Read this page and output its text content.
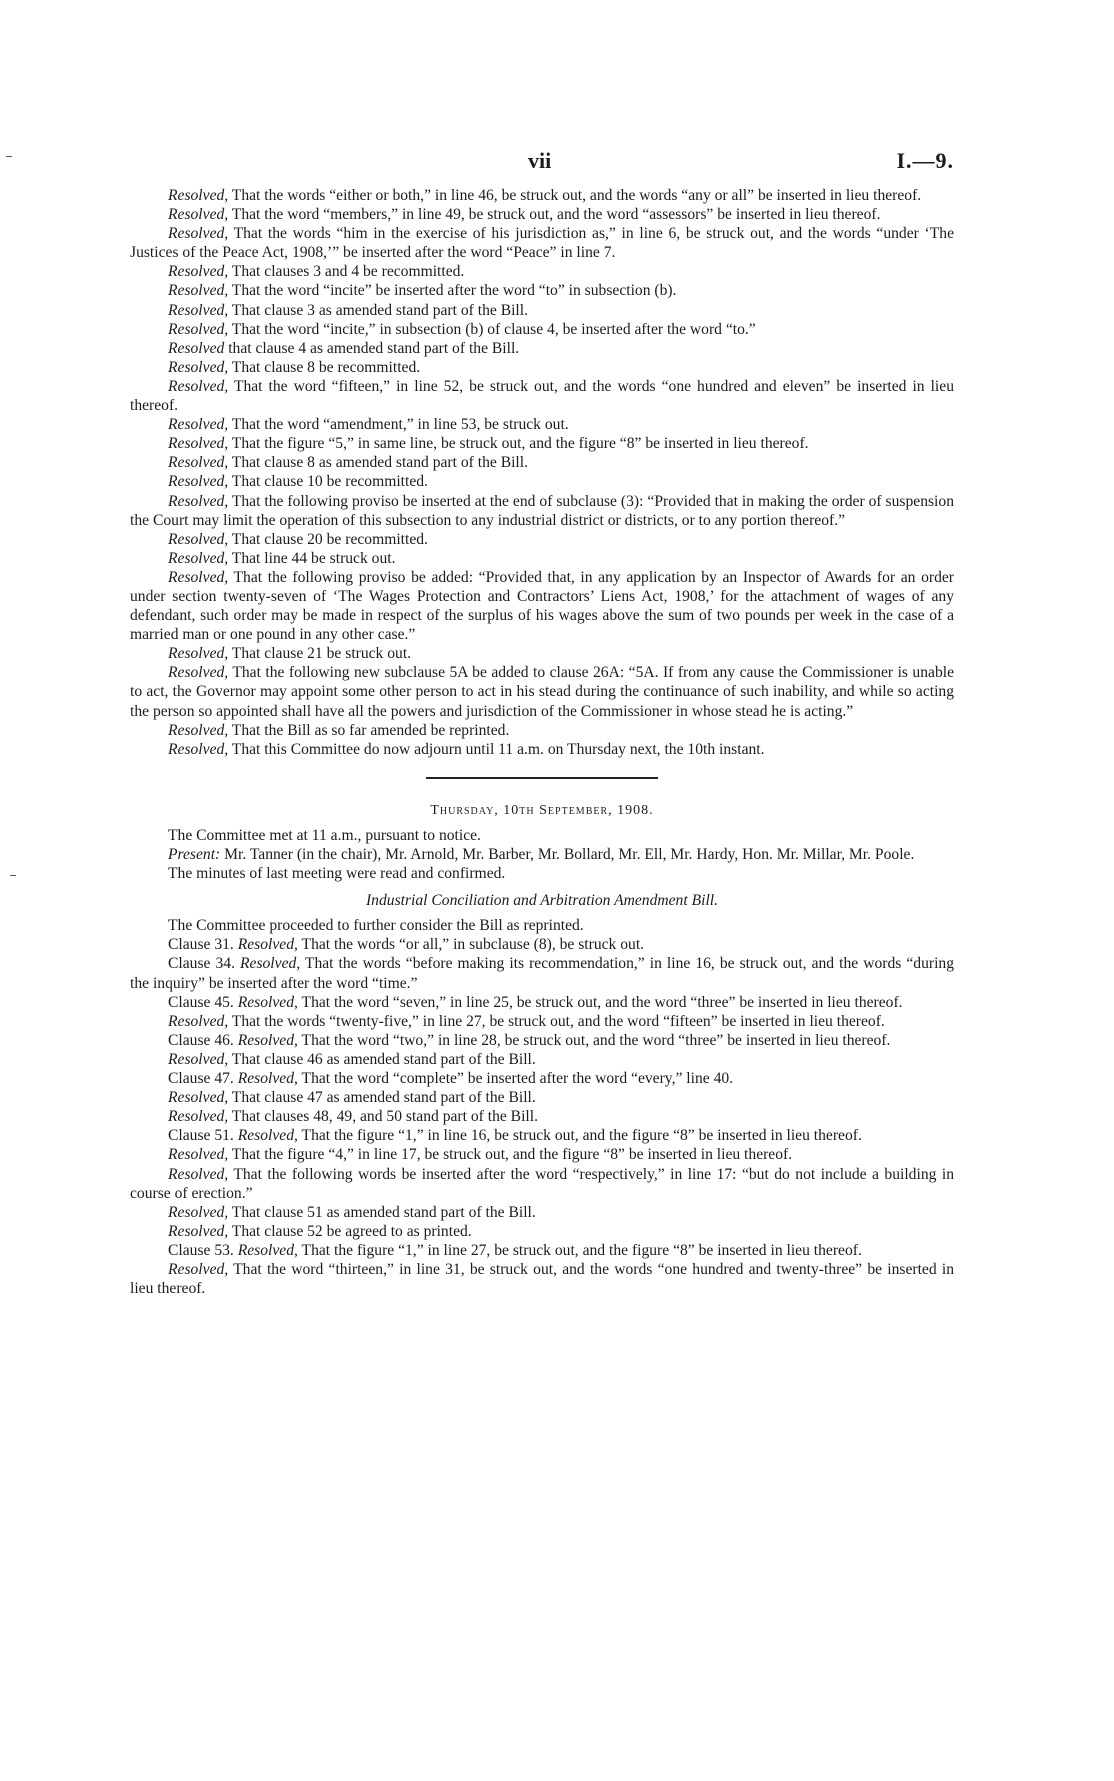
vii	I.—9.

Resolved, That the words “either or both,” in line 46, be struck out, and the words “any or all” be inserted in lieu thereof.

Resolved, That the word “members,” in line 49, be struck out, and the word “assessors” be inserted in lieu thereof.

Resolved, That the words “him in the exercise of his jurisdiction as,” in line 6, be struck out, and the words “under ‘The Justices of the Peace Act, 1908,’” be inserted after the word “Peace” in line 7.

Resolved, That clauses 3 and 4 be recommitted.

Resolved, That the word “incite” be inserted after the word “to” in subsection (b).

Resolved, That clause 3 as amended stand part of the Bill.

Resolved, That the word “incite,” in subsection (b) of clause 4, be inserted after the word “to.”

Resolved that clause 4 as amended stand part of the Bill.

Resolved, That clause 8 be recommitted.

Resolved, That the word “fifteen,” in line 52, be struck out, and the words “one hundred and eleven” be inserted in lieu thereof.

Resolved, That the word “amendment,” in line 53, be struck out.

Resolved, That the figure “5,” in same line, be struck out, and the figure “8” be inserted in lieu thereof.

Resolved, That clause 8 as amended stand part of the Bill.

Resolved, That clause 10 be recommitted.

Resolved, That the following proviso be inserted at the end of subclause (3): “Provided that in making the order of suspension the Court may limit the operation of this subsection to any industrial district or districts, or to any portion thereof.”

Resolved, That clause 20 be recommitted.

Resolved, That line 44 be struck out.

Resolved, That the following proviso be added: “Provided that, in any application by an Inspector of Awards for an order under section twenty-seven of ‘The Wages Protection and Contractors’ Liens Act, 1908,’ for the attachment of wages of any defendant, such order may be made in respect of the surplus of his wages above the sum of two pounds per week in the case of a married man or one pound in any other case.”

Resolved, That clause 21 be struck out.

Resolved, That the following new subclause 5A be added to clause 26A: “5A. If from any cause the Commissioner is unable to act, the Governor may appoint some other person to act in his stead during the continuance of such inability, and while so acting the person so appointed shall have all the powers and jurisdiction of the Commissioner in whose stead he is acting.”

Resolved, That the Bill as so far amended be reprinted.

Resolved, That this Committee do now adjourn until 11 a.m. on Thursday next, the 10th instant.

Thursday, 10th September, 1908.

The Committee met at 11 a.m., pursuant to notice.

Present: Mr. Tanner (in the chair), Mr. Arnold, Mr. Barber, Mr. Bollard, Mr. Ell, Mr. Hardy, Hon. Mr. Millar, Mr. Poole.

The minutes of last meeting were read and confirmed.

Industrial Conciliation and Arbitration Amendment Bill.

The Committee proceeded to further consider the Bill as reprinted.

Clause 31. Resolved, That the words “or all,” in subclause (8), be struck out.

Clause 34. Resolved, That the words “before making its recommendation,” in line 16, be struck out, and the words “during the inquiry” be inserted after the word “time.”

Clause 45. Resolved, That the word “seven,” in line 25, be struck out, and the word “three” be inserted in lieu thereof.

Resolved, That the words “twenty-five,” in line 27, be struck out, and the word “fifteen” be inserted in lieu thereof.

Clause 46. Resolved, That the word “two,” in line 28, be struck out, and the word “three” be inserted in lieu thereof.

Resolved, That clause 46 as amended stand part of the Bill.

Clause 47. Resolved, That the word “complete” be inserted after the word “every,” line 40.

Resolved, That clause 47 as amended stand part of the Bill.

Resolved, That clauses 48, 49, and 50 stand part of the Bill.

Clause 51. Resolved, That the figure “1,” in line 16, be struck out, and the figure “8” be inserted in lieu thereof.

Resolved, That the figure “4,” in line 17, be struck out, and the figure “8” be inserted in lieu thereof.

Resolved, That the following words be inserted after the word “respectively,” in line 17: “but do not include a building in course of erection.”

Resolved, That clause 51 as amended stand part of the Bill.

Resolved, That clause 52 be agreed to as printed.

Clause 53. Resolved, That the figure “1,” in line 27, be struck out, and the figure “8” be inserted in lieu thereof.

Resolved, That the word “thirteen,” in line 31, be struck out, and the words “one hundred and twenty-three” be inserted in lieu thereof.
